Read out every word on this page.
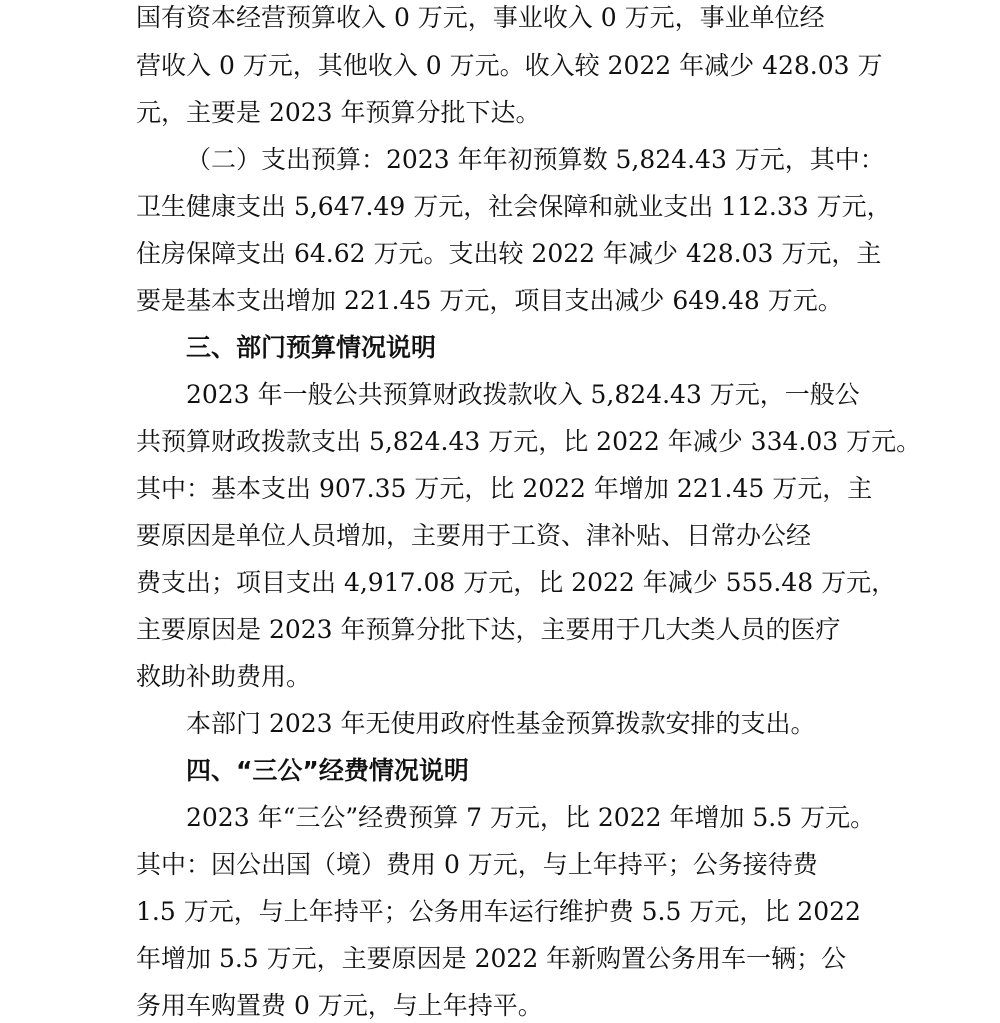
国有资本经营预算收入 0 万元，事业收入 0 万元，事业单位经
营收入 0 万元，其他收入 0 万元。收入较 2022 年减少 428.03 万
元，主要是 2023 年预算分批下达。
（二）支出预算：2023 年年初预算数 5,824.43 万元，其中：
卫生健康支出 5,647.49 万元，社会保障和就业支出 112.33 万元，
住房保障支出 64.62 万元。支出较 2022 年减少 428.03 万元，主
要是基本支出增加 221.45 万元，项目支出减少 649.48 万元。
三、部门预算情况说明
2023 年一般公共预算财政拨款收入 5,824.43 万元，一般公
共预算财政拨款支出 5,824.43 万元，比 2022 年减少 334.03 万元。
其中：基本支出 907.35 万元，比 2022 年增加 221.45 万元，主
要原因是单位人员增加，主要用于工资、津补贴、日常办公经
费支出；项目支出 4,917.08 万元，比 2022 年减少 555.48 万元，
主要原因是 2023 年预算分批下达，主要用于几大类人员的医疗
救助补助费用。
本部门 2023 年无使用政府性基金预算拨款安排的支出。
四、“三公”经费情况说明
2023 年“三公”经费预算 7 万元，比 2022 年增加 5.5 万元。
其中：因公出国（境）费用 0 万元，与上年持平；公务接待费
1.5 万元，与上年持平；公务用车运行维护费 5.5 万元，比 2022
年增加 5.5 万元，主要原因是 2022 年新购置公务用车一辆；公
务用车购置费 0 万元，与上年持平。
